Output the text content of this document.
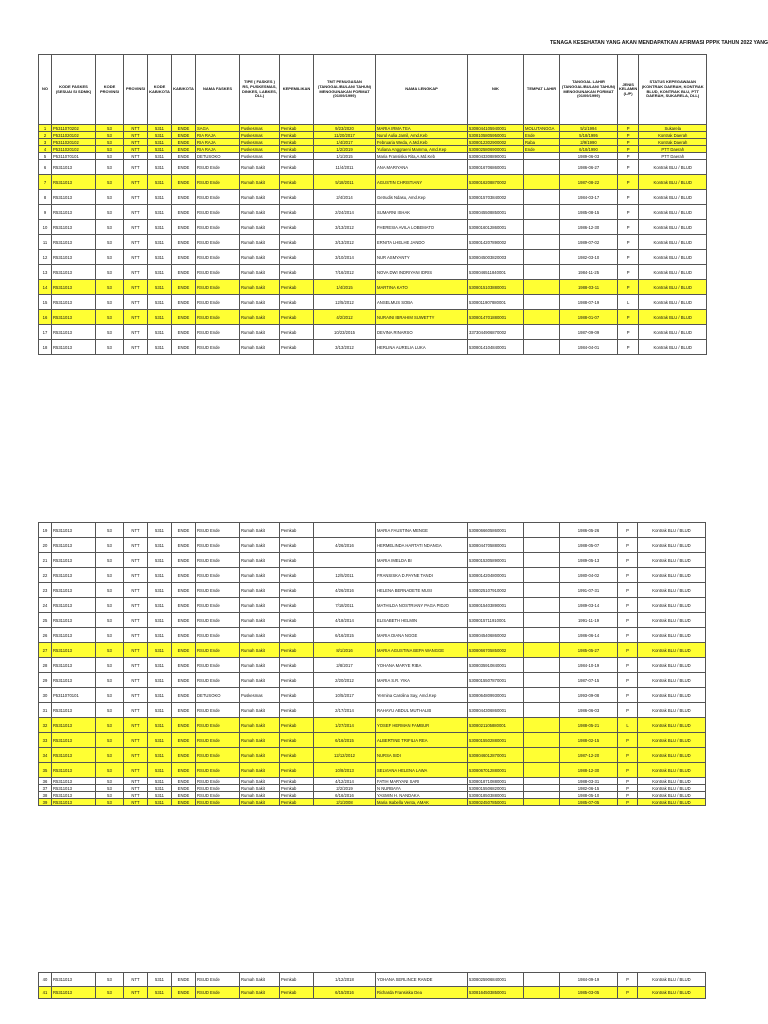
TENAGA KESEHATAN YANG AKAN MENDAPATKAN AFIRMASI PPPK TAHUN 2022 YANG
NO	KODE FASKES (SESUAI SI SDMK)	KODE PROVINSI	PROVINSI	KODE KAB/KOTA	KAB/KOTA	NAMA FASKES	TIPE ( FASKES ) RS, PUSKESMAS, DINKES, LABKES, DLL)	KEPEMILIKAN	TMT PENUGASAN (TANGGAL/BULAN/ TAHUN) MENGGUNAKAN FORMAT (01/09/1999)	NAMA LENGKAP	NIK	TEMPAT LAHIR	TANGGAL LAHIR (TANGGAL/BULAN/ TAHUN) MENGGUNAKAN FORMAT (01/09/1999)	JENIS KELAMIN (L/P)	STATUS KEPEGAWAIAN (KONTRAK DAERAH, KONTRAK BLUD, KONTRAK BLU, PTT DAERAH, SUKARELA, DLL)
1	P5311070202	53	NTT	5311	ENDE	SAGA	Puskesmas	Pemkab	9/23/2020	MARIA IRMA TEA	5308044105940001	MOLUTANGGA	5/1/1994	P	Sukarela
2	P5311020102	53	NTT	5311	ENDE	RIA RAJA	Puskesmas	Pemkab	11/20/2017	Nurul Aulia Jamil, Amd.Keb	5308105805950001	Ende	5/18/1995	P	Kontrak Daerah
3	P5311020102	53	NTT	5311	ENDE	RIA RAJA	Puskesmas	Pemkab	1/4/2017	Februaria Weda, A.Md.Keb	5308012302900002	Raba	2/9/1990	P	Kontrak Daerah
4	P5311020102	53	NTT	5311	ENDE	RIA RAJA	Puskesmas	Pemkab	1/2/2019	Yuliana Anggraeni Mamma, Amd.Kep	5308025806900001	Ende	6/18/1990	P	PTT Daerah
5	P5311070101	53	NTT	5311	ENDE	DETUSOKO	Puskesmas	Pemkab	1/1/2015	Maria Fransiska Rita,A.Md.Keb	5308043308890001		1989-06-03	P	PTT Daerah
6	R5311013	53	NTT	5311	ENDE	RSUD Ende	Rumah Sakit	Pemkab	11/4/2011	ANA MARIYANA	5308016706860001		1986-06-27	P	Kontrak BLU / BLUD
7	R5311013	53	NTT	5311	ENDE	RSUD Ende	Rumah Sakit	Pemkab	5/18/2011	AGUSTIN CHRISTIANY	5308016208870002		1987-08-22	P	Kontrak BLU / BLUD
8	R5311013	53	NTT	5311	ENDE	RSUD Ende	Rumah Sakit	Pemkab	2/4/2014	Getrudis Ndasu, Amd.Kep	5308015703840002		1984-03-17	P	Kontrak BLU / BLUD
9	R5311013	53	NTT	5311	ENDE	RSUD Ende	Rumah Sakit	Pemkab	2/24/2014	SUMARNI ISHAK	5308045508850001		1985-08-15	P	Kontrak BLU / BLUD
10	R5311013	53	NTT	5311	ENDE	RSUD Ende	Rumah Sakit	Pemkab	3/13/2012	FHERESIA AVILA LOBEMATO	5308016012860001		1986-12-30	P	Kontrak BLU / BLUD
11	R5311013	53	NTT	5311	ENDE	RSUD Ende	Rumah Sakit	Pemkab	3/13/2012	ERNITA LHELHE JANDO	5308014207890002		1989-07-02	P	Kontrak BLU / BLUD
12	R5311013	53	NTT	5311	ENDE	RSUD Ende	Rumah Sakit	Pemkab	3/10/2014	NUR ASMYANTY	5308045003820003		1982-03-10	P	Kontrak BLU / BLUD
13	R5311013	53	NTT	5311	ENDE	RSUD Ende	Rumah Sakit	Pemkab	7/16/2012	NOVA DWI INDRIYANI IDRIS	5308046511840001		1984-11-25	P	Kontrak BLU / BLUD
14	R5311013	53	NTT	5311	ENDE	RSUD Ende	Rumah Sakit	Pemkab	1/4/2015	MARTINA KATO	5308015103880001		1988-03-11	P	Kontrak BLU / BLUD
15	R5311013	53	NTT	5311	ENDE	RSUD Ende	Rumah Sakit	Pemkab	12/5/2012	ANSELMUS SOBA	5308011907880001		1988-07-19	L	Kontrak BLU / BLUD
16	R5311013	53	NTT	5311	ENDE	RSUD Ende	Rumah Sakit	Pemkab	4/2/2012	NURAINI IBRAHIM SUWETTY	5308014701880001		1988-01-07	P	Kontrak BLU / BLUD
17	R5311013	53	NTT	5311	ENDE	RSUD Ende	Rumah Sakit	Pemkab	10/23/2015	DEVINA RINARSO	3373044906870002		1987-09-09	P	Kontrak BLU / BLUD
18	R5311013	53	NTT	5311	ENDE	RSUD Ende	Rumah Sakit	Pemkab	3/13/2012	HERLINA AURELIA LUKA	5308014104840001		1984-04-01	P	Kontrak BLU / BLUD
19	R5311013	53	NTT	5311	ENDE	RSUD Ende	Rumah Sakit	Pemkab		MARIA FAUSTINA MENGE	5308066605860001		1986-05-26	P	Kontrak BLU / BLUD
20	R5311013	53	NTT	5311	ENDE	RSUD Ende	Rumah Sakit	Pemkab	4/26/2016	HERMELINDA HARTATI NDANGA	5308044705880001		1988-05-07	P	Kontrak BLU / BLUD
21	R5311013	53	NTT	5311	ENDE	RSUD Ende	Rumah Sakit	Pemkab		MARIA IMELDA BI	5308015305890001		1989-05-13	P	Kontrak BLU / BLUD
22	R5311013	53	NTT	5311	ENDE	RSUD Ende	Rumah Sakit	Pemkab	12/5/2011	FRANSISKA D.PAYNE TANDI	5308014204800001		1980-04-02	P	Kontrak BLU / BLUD
23	R5311013	53	NTT	5311	ENDE	RSUD Ende	Rumah Sakit	Pemkab	4/26/2016	HELENA BERNADETE MUSI	5308025107910002		1991-07-31	P	Kontrak BLU / BLUD
24	R5311013	53	NTT	5311	ENDE	RSUD Ende	Rumah Sakit	Pemkab	7/18/2011	MATHILDA NOSTRIANY PAGA PIDJO	5308015403890001		1989-03-14	P	Kontrak BLU / BLUD
25	R5311013	53	NTT	5311	ENDE	RSUD Ende	Rumah Sakit	Pemkab	4/18/2014	ELISABETH HELMIN	5308015711910001		1991-11-19	P	Kontrak BLU / BLUD
26	R5311013	53	NTT	5311	ENDE	RSUD Ende	Rumah Sakit	Pemkab	6/16/2015	MARIA DIANA NGGE	5308045406860002		1986-06-14	P	Kontrak BLU / BLUD
27	R5311013	53	NTT	5311	ENDE	RSUD Ende	Rumah Sakit	Pemkab	8/1/2016	MARIA AGUSTINA BEPA WANGGE	5308066705850002		1985-05-27	P	Kontrak BLU / BLUD
28	R5311013	53	NTT	5311	ENDE	RSUD Ende	Rumah Sakit	Pemkab	2/8/2017	YOHANA MARYE RIBA	5308035910840001		1984-10-19	P	Kontrak BLU / BLUD
29	R5311013	53	NTT	5311	ENDE	RSUD Ende	Rumah Sakit	Pemkab	2/20/2012	MARIA S.R. YIKA	5308015507870001		1987-07-15	P	Kontrak BLU / BLUD
30	P5311070101	53	NTT	5311	ENDE	DETUSOKO	Puskesmas	Pemkab	10/5/2017	Yermina Carolina Say, Amd.Kep	5308064809930001		1993-09-08	P	Kontrak BLU / BLUD
31	R5311013	53	NTT	5311	ENDE	RSUD Ende	Rumah Sakit	Pemkab	2/17/2014	RAHAYU ABDUL MUTHALIB	5308044306860001		1986-06-03	P	Kontrak BLU / BLUD
32	R5311013	53	NTT	5311	ENDE	RSUD Ende	Rumah Sakit	Pemkab	1/27/2014	YOSEF HERMAN FAMBUR	5308021105880001		1988-05-21	L	Kontrak BLU / BLUD
33	R5311013	53	NTT	5311	ENDE	RSUD Ende	Rumah Sakit	Pemkab	6/16/2015	ALBERTINE TRIFILIA REA	5308015502880001		1988-02-15	P	Kontrak BLU / BLUD
34	R5311013	53	NTT	5311	ENDE	RSUD Ende	Rumah Sakit	Pemkab	12/12/2012	NURSA SIDI	5308046012870001		1987-12-20	P	Kontrak BLU / BLUD
35	R5311013	53	NTT	5311	ENDE	RSUD Ende	Rumah Sakit	Pemkab	10/8/2013	SELVIANA HELENA LAWA	5308067012880001		1988-12-30	P	Kontrak BLU / BLUD
36	R5311013	53	NTT	5311	ENDE	RSUD Ende	Rumah Sakit	Pemkab	4/12/2014	FATIH MARYANI SARI	5308018710880001		1988-03-31	P	Kontrak BLU / BLUD
37	R5311013	53	NTT	5311	ENDE	RSUD Ende	Rumah Sakit	Pemkab	2/2/2019	N NURBAYA	5308015506820001		1982-06-15	P	Kontrak BLU / BLUD
38	R5311013	53	NTT	5311	ENDE	RSUD Ende	Rumah Sakit	Pemkab	6/16/2016	YASMIN H. NANDAKA	5308018503880001		1988-05-10	P	Kontrak BLU / BLUD
39	R5311013	53	NTT	5311	ENDE	RSUD Ende	Rumah Sakit	Pemkab	2/1/2008	Maria Isabella Venta, AMAK	5308024507850001		1985-07-05	P	Kontrak BLU / BLUD
40	R5311013	53	NTT	5311	ENDE	RSUD Ende	Rumah Sakit	Pemkab	1/12/2018	YOHANA SERLINCE RANDE	5308025906840001		1984-09-19	P	Kontrak BLU / BLUD
41	R5311013	53	NTT	5311	ENDE	RSUD Ende	Rumah Sakit	Pemkab	6/15/2016	Richarda Fransiska Dea	5308164503850001		1985-03-05	P	Kontrak BLU / BLUD
